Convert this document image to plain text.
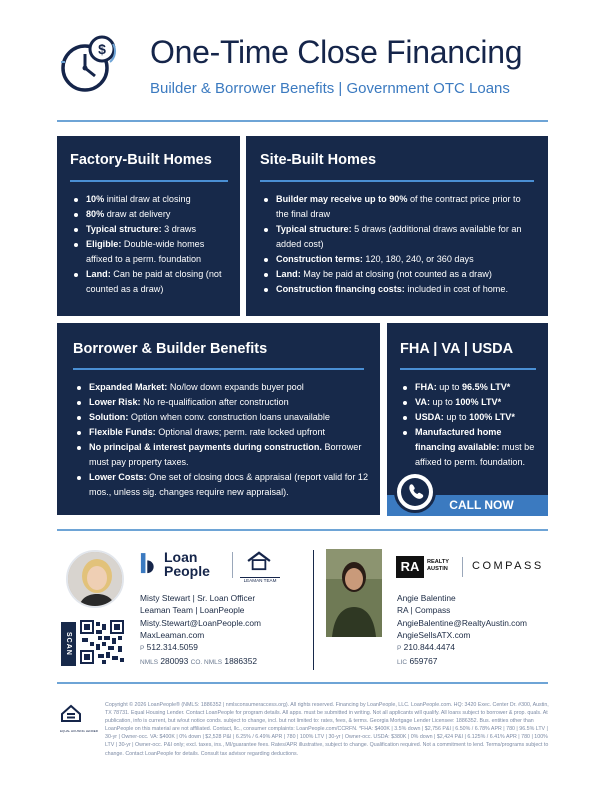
$ One-Time Close Financing
Builder & Borrower Benefits | Government OTC Loans
Factory-Built Homes
10% initial draw at closing
80% draw at delivery
Typical structure: 3 draws
Eligible: Double-wide homes affixed to a perm. foundation
Land: Can be paid at closing (not counted as a draw)
Site-Built Homes
Builder may receive up to 90% of the contract price prior to the final draw
Typical structure: 5 draws (additional draws available for an added cost)
Construction terms: 120, 180, 240, or 360 days
Land: May be paid at closing (not counted as a draw)
Construction financing costs: included in cost of home.
Borrower & Builder Benefits
Expanded Market: No/low down expands buyer pool
Lower Risk: No re-qualification after construction
Solution: Option when conv. construction loans unavailable
Flexible Funds: Optional draws; perm. rate locked upfront
No principal & interest payments during construction. Borrower must pay property taxes.
Lower Costs: One set of closing docs & appraisal (report valid for 12 mos., unless sig. changes require new appraisal).
FHA | VA | USDA
FHA: up to 96.5% LTV*
VA: up to 100% LTV*
USDA: up to 100% LTV*
Manufactured home financing available: must be affixed to perm. foundation.
CALL NOW
Loan People
LEAMAN TEAM
Misty Stewart | Sr. Loan Officer
Leaman Team | LoanPeople
Misty.Stewart@LoanPeople.com
MaxLeaman.com
P 512.314.5059
NMLS 280093 CO. NMLS 1886352
SCAN
RA	REALTY AUSTIN	COMPASS
Angie Balentine
RA | Compass
AngieBalentine@RealtyAustin.com
AngieSellsATX.com
P 210.844.4474
LIC 659767
EQUAL HOUSING LENDER
Copyright © 2026 LoanPeople® (NMLS: 1886352 | nmlsconsumeraccess.org). All rights reserved. Financing by LoanPeople, LLC. LoanPeople.com. HQ: 3420 Exec. Center Dr. #300, Austin, TX 78731. Equal Housing Lender. Contact LoanPeople for program details. All apps. must be submitted in writing. Not all applicants will qualify. All loans subject to borrower & prop. quals. At publication, info is current, but w/out notice conds. subject to change, incl. but not limited to: rates, fees, & terms. Georgia Mortgage Lender Licensee: 1886352. Bus. entities other than LoanPeople on this material are not affiliated. Contact, llc., consumer complaints: LoanPeople.com/CCRFN. *FHA: $400K | 3.5% down | $2,756 P&I | 6.50% / 6.78% APR | 780 | 96.5% LTV | 30-yr | Owner-occ. VA: $400K | 0% down | $2,528 P&I | 6.25% / 6.49% APR | 780 | 100% LTV | 30-yr | Owner-occ. USDA: $380K | 0% down | $2,424 P&I | 6.125% / 6.41% APR | 780 | 100% LTV | 30-yr | Owner-occ. P&I only; excl. taxes, ins., MI/guarantee fees. Rates/APR illustrative, subject to change. Qualification required. Not a commitment to lend. Terms/programs subject to change. Contact LoanPeople for details. Consult tax advisor regarding deductions.
